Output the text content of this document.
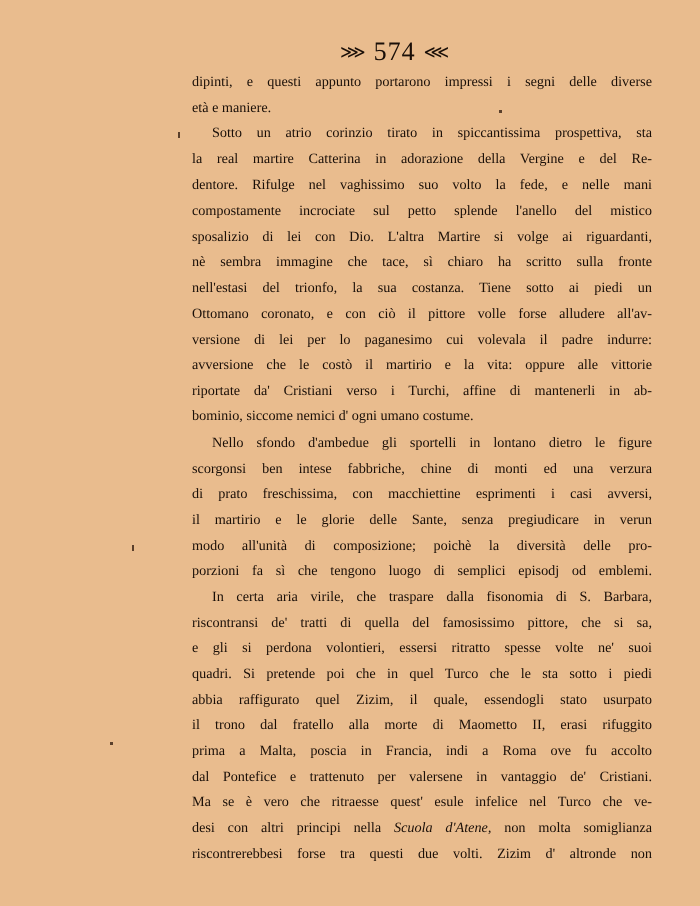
⋙ 574 ⋘
dipinti, e questi appunto portarono impressi i segni delle diverse
età e maniere.
Sotto un atrio corinzio tirato in spiccantissima prospettiva, sta
la real martire Catterina in adorazione della Vergine e del Re-
dentore. Rifulge nel vaghissimo suo volto la fede, e nelle mani
compostamente incrociate sul petto splende l'anello del mistico
sposalizio di lei con Dio. L'altra Martire si volge ai riguardanti,
nè sembra immagine che tace, sì chiaro ha scritto sulla fronte
nell'estasi del trionfo, la sua costanza. Tiene sotto ai piedi un
Ottomano coronato, e con ciò il pittore volle forse alludere all'av-
versione di lei per lo paganesimo cui volevala il padre indurre:
avversione che le costò il martirio e la vita: oppure alle vittorie
riportate da' Cristiani verso i Turchi, affine di mantenerli in ab-
bominio, siccome nemici d' ogni umano costume.
Nello sfondo d'ambedue gli sportelli in lontano dietro le figure
scorgonsi ben intese fabbriche, chine di monti ed una verzura
di prato freschissima, con macchiettine esprimenti i casi avversi,
il martirio e le glorie delle Sante, senza pregiudicare in verun
modo all'unità di composizione; poichè la diversità delle pro-
porzioni fa sì che tengono luogo di semplici episodj od emblemi.
In certa aria virile, che traspare dalla fisonomia di S. Barbara,
riscontransi de' tratti di quella del famosissimo pittore, che si sa,
e gli si perdona volontieri, essersi ritratto spesse volte ne' suoi
quadri. Si pretende poi che in quel Turco che le sta sotto i piedi
abbia raffigurato quel Zizim, il quale, essendogli stato usurpato
il trono dal fratello alla morte di Maometto II, erasi rifuggito
prima a Malta, poscia in Francia, indi a Roma ove fu accolto
dal Pontefice e trattenuto per valersene in vantaggio de' Cristiani.
Ma se è vero che ritraesse quest' esule infelice nel Turco che ve-
desi con altri principi nella Scuola d'Atene, non molta somiglianza
riscontrerebbesi forse tra questi due volti. Zizim d' altronde non
